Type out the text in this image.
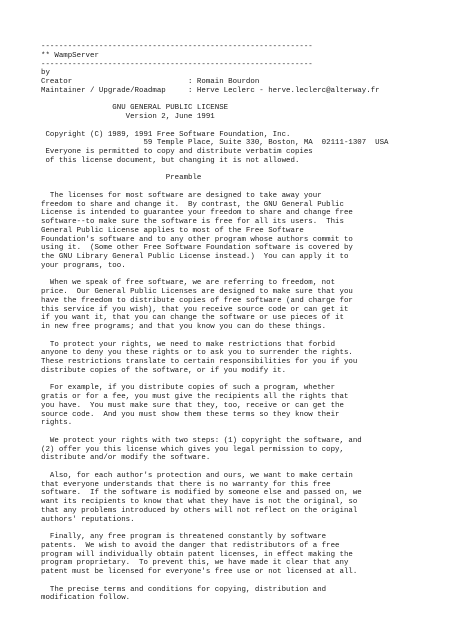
-------------------------------------------------------------
** WampServer
-------------------------------------------------------------
by
Creator                          : Romain Bourdon
Maintainer / Upgrade/Roadmap     : Herve Leclerc - herve.leclerc@alterway.fr
GNU GENERAL PUBLIC LICENSE
Version 2, June 1991
Copyright (C) 1989, 1991 Free Software Foundation, Inc.
59 Temple Place, Suite 330, Boston, MA  02111-1307  USA
Everyone is permitted to copy and distribute verbatim copies
of this license document, but changing it is not allowed.
Preamble
The licenses for most software are designed to take away your
freedom to share and change it.  By contrast, the GNU General Public
License is intended to guarantee your freedom to share and change free
software--to make sure the software is free for all its users.  This
General Public License applies to most of the Free Software
Foundation's software and to any other program whose authors commit to
using it.  (Some other Free Software Foundation software is covered by
the GNU Library General Public License instead.)  You can apply it to
your programs, too.
When we speak of free software, we are referring to freedom, not
price.  Our General Public Licenses are designed to make sure that you
have the freedom to distribute copies of free software (and charge for
this service if you wish), that you receive source code or can get it
if you want it, that you can change the software or use pieces of it
in new free programs; and that you know you can do these things.
To protect your rights, we need to make restrictions that forbid
anyone to deny you these rights or to ask you to surrender the rights.
These restrictions translate to certain responsibilities for you if you
distribute copies of the software, or if you modify it.
For example, if you distribute copies of such a program, whether
gratis or for a fee, you must give the recipients all the rights that
you have.  You must make sure that they, too, receive or can get the
source code.  And you must show them these terms so they know their
rights.
We protect your rights with two steps: (1) copyright the software, and
(2) offer you this license which gives you legal permission to copy,
distribute and/or modify the software.
Also, for each author's protection and ours, we want to make certain
that everyone understands that there is no warranty for this free
software.  If the software is modified by someone else and passed on, we
want its recipients to know that what they have is not the original, so
that any problems introduced by others will not reflect on the original
authors' reputations.
Finally, any free program is threatened constantly by software
patents.  We wish to avoid the danger that redistributors of a free
program will individually obtain patent licenses, in effect making the
program proprietary.  To prevent this, we have made it clear that any
patent must be licensed for everyone's free use or not licensed at all.
The precise terms and conditions for copying, distribution and
modification follow.
